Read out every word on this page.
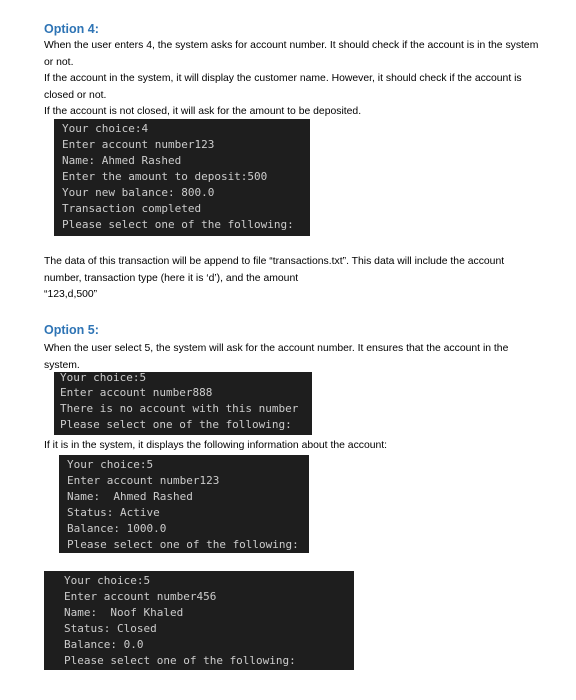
Option 4:

When the user enters 4, the system asks for account number. It should check if the account is in the system or not.

If the account in the system, it will display the customer name. However, it should check if the account is closed or not.

If the account is not closed, it will ask for the amount to be deposited.

Your choice:4
Enter account number123
Name: Ahmed Rashed
Enter the amount to deposit:500
Your new balance: 800.0
Transaction completed
Please select one of the following:

The data of this transaction will be append to file “transactions.txt”. This data will include the account number, transaction type (here it is ‘d’), and the amount

“123,d,500”

Option 5:

When the user select 5, the system will ask for the account number. It ensures that the account in the system.

Your choice:5
Enter account number888
There is no account with this number
Please select one of the following:

If it is in the system, it displays the following information about the account:

Your choice:5
Enter account number123
Name:  Ahmed Rashed
Status: Active
Balance: 1000.0
Please select one of the following:
Your choice:5
Enter account number456
Name:  Noof Khaled
Status: Closed
Balance: 0.0
Please select one of the following:
